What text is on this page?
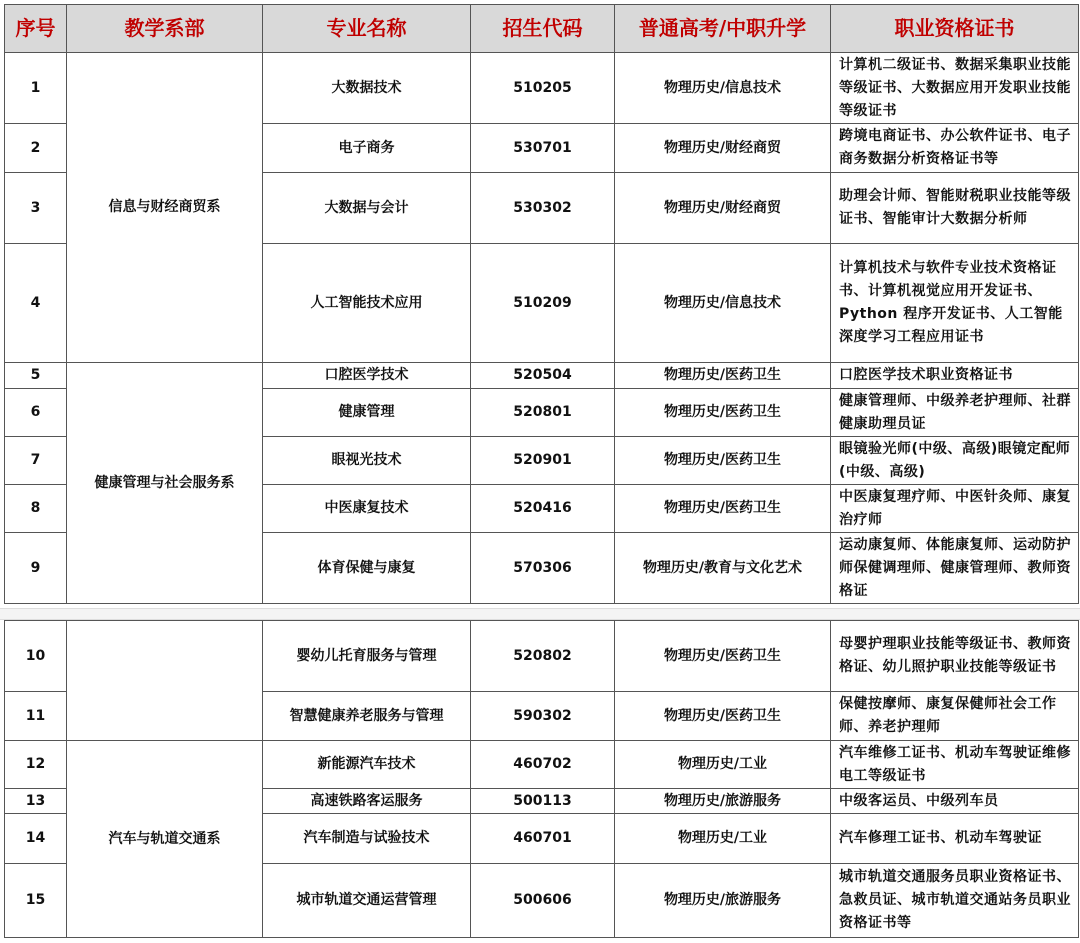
序号	教学系部	专业名称	招生代码	普通高考/中职升学	职业资格证书
1	信息与财经商贸系	大数据技术	510205	物理历史/信息技术	计算机二级证书、数据采集职业技能等级证书、大数据应用开发职业技能等级证书
2		电子商务	530701	物理历史/财经商贸	跨境电商证书、办公软件证书、电子商务数据分析资格证书等
3		大数据与会计	530302	物理历史/财经商贸	助理会计师、智能财税职业技能等级证书、智能审计大数据分析师
4		人工智能技术应用	510209	物理历史/信息技术	计算机技术与软件专业技术资格证书、计算机视觉应用开发证书、Python 程序开发证书、人工智能深度学习工程应用证书
5	健康管理与社会服务系	口腔医学技术	520504	物理历史/医药卫生	口腔医学技术职业资格证书
6		健康管理	520801	物理历史/医药卫生	健康管理师、中级养老护理师、社群健康助理员证
7		眼视光技术	520901	物理历史/医药卫生	眼镜验光师(中级、高级)眼镜定配师(中级、高级)
8		中医康复技术	520416	物理历史/医药卫生	中医康复理疗师、中医针灸师、康复治疗师
9		体育保健与康复	570306	物理历史/教育与文化艺术	运动康复师、体能康复师、运动防护师保健调理师、健康管理师、教师资格证
10		婴幼儿托育服务与管理	520802	物理历史/医药卫生	母婴护理职业技能等级证书、教师资格证、幼儿照护职业技能等级证书
11		智慧健康养老服务与管理	590302	物理历史/医药卫生	保健按摩师、康复保健师社会工作师、养老护理师
12	汽车与轨道交通系	新能源汽车技术	460702	物理历史/工业	汽车维修工证书、机动车驾驶证维修电工等级证书
13		高速铁路客运服务	500113	物理历史/旅游服务	中级客运员、中级列车员
14		汽车制造与试验技术	460701	物理历史/工业	汽车修理工证书、机动车驾驶证
15		城市轨道交通运营管理	500606	物理历史/旅游服务	城市轨道交通服务员职业资格证书、急救员证、城市轨道交通站务员职业资格证书等
